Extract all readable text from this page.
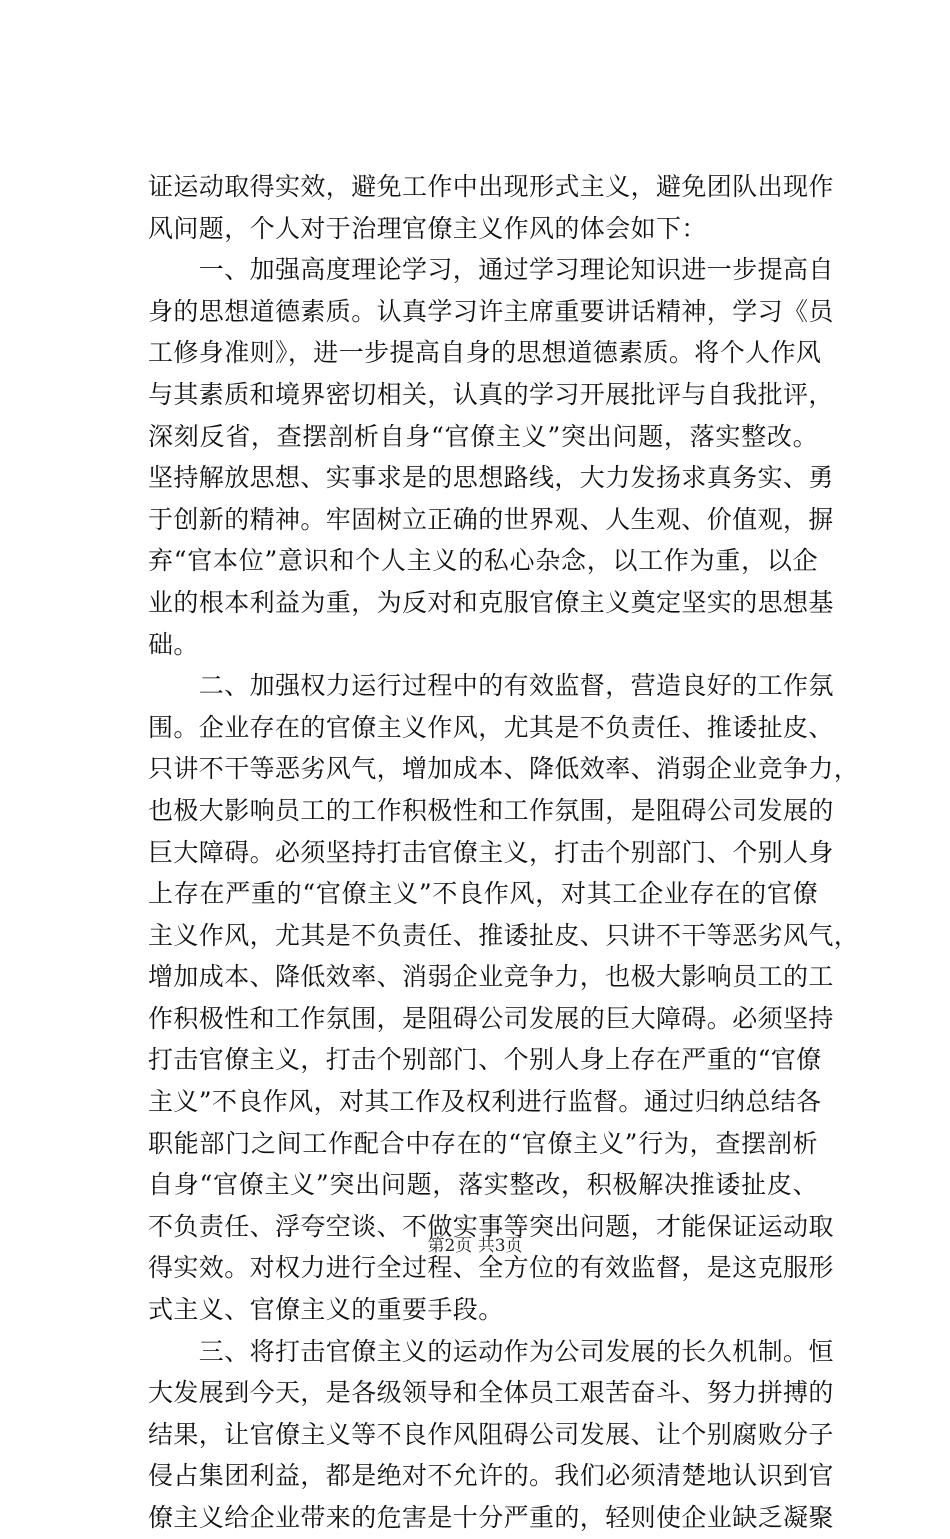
证运动取得实效，避免工作中出现形式主义，避免团队出现作
风问题，个人对于治理官僚主义作风的体会如下：
　　一、加强高度理论学习，通过学习理论知识进一步提高自
身的思想道德素质。认真学习许主席重要讲话精神，学习《员
工修身准则》，进一步提高自身的思想道德素质。将个人作风
与其素质和境界密切相关，认真的学习开展批评与自我批评，
深刻反省，查摆剖析自身“官僚主义”突出问题，落实整改。
坚持解放思想、实事求是的思想路线，大力发扬求真务实、勇
于创新的精神。牢固树立正确的世界观、人生观、价值观，摒
弃“官本位”意识和个人主义的私心杂念，以工作为重，以企
业的根本利益为重，为反对和克服官僚主义奠定坚实的思想基
础。
　　二、加强权力运行过程中的有效监督，营造良好的工作氛
围。企业存在的官僚主义作风，尤其是不负责任、推诿扯皮、
只讲不干等恶劣风气，增加成本、降低效率、消弱企业竞争力，
也极大影响员工的工作积极性和工作氛围，是阻碍公司发展的
巨大障碍。必须坚持打击官僚主义，打击个别部门、个别人身
上存在严重的“官僚主义”不良作风，对其工企业存在的官僚
主义作风，尤其是不负责任、推诿扯皮、只讲不干等恶劣风气，
增加成本、降低效率、消弱企业竞争力，也极大影响员工的工
作积极性和工作氛围，是阻碍公司发展的巨大障碍。必须坚持
打击官僚主义，打击个别部门、个别人身上存在严重的“官僚
主义”不良作风，对其工作及权利进行监督。通过归纳总结各
职能部门之间工作配合中存在的“官僚主义”行为，查摆剖析
自身“官僚主义”突出问题，落实整改，积极解决推诿扯皮、
不负责任、浮夸空谈、不做实事等突出问题，才能保证运动取
得实效。对权力进行全过程、全方位的有效监督，是这克服形
式主义、官僚主义的重要手段。
　　三、将打击官僚主义的运动作为公司发展的长久机制。恒
大发展到今天，是各级领导和全体员工艰苦奋斗、努力拼搏的
结果，让官僚主义等不良作风阻碍公司发展、让个别腐败分子
侵占集团利益，都是绝对不允许的。我们必须清楚地认识到官
僚主义给企业带来的危害是十分严重的，轻则使企业缺乏凝聚
第2页 共3页
